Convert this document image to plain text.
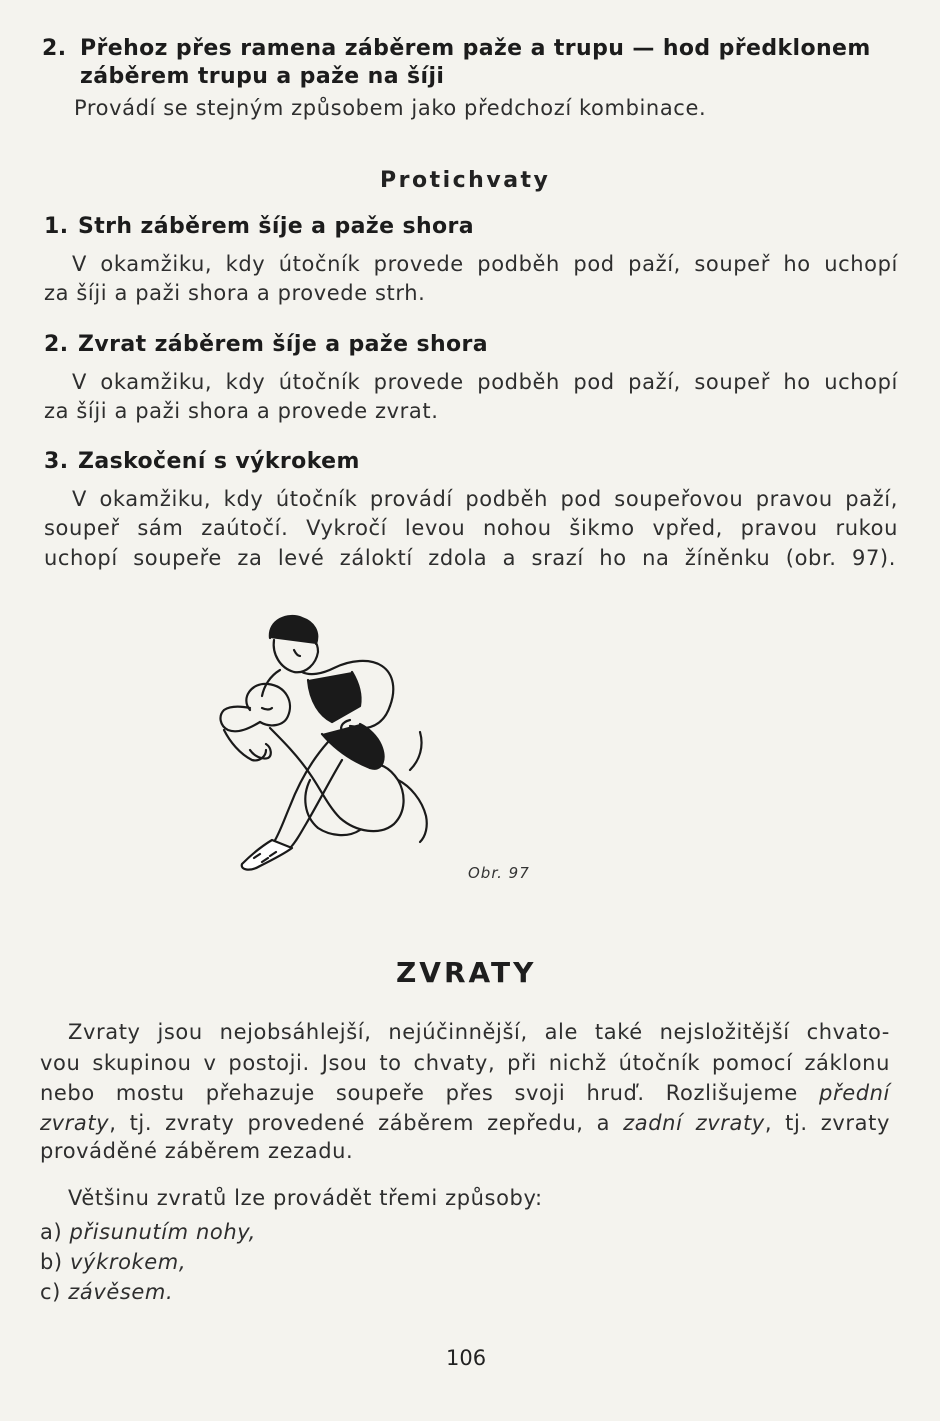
2. Přehoz přes ramena záběrem paže a trupu — hod předklonem
záběrem trupu a paže na šíji
Provádí se stejným způsobem jako předchozí kombinace.
Protichvaty
1. Strh záběrem šíje a paže shora
V okamžiku, kdy útočník provede podběh pod paží, soupeř ho uchopí
za šíji a paži shora a provede strh.
2. Zvrat záběrem šíje a paže shora
V okamžiku, kdy útočník provede podběh pod paží, soupeř ho uchopí
za šíji a paži shora a provede zvrat.
3. Zaskočení s výkrokem
V okamžiku, kdy útočník provádí podběh pod soupeřovou pravou paží,
soupeř sám zaútočí. Vykročí levou nohou šikmo vpřed, pravou rukou
uchopí soupeře za levé záloktí zdola a srazí ho na žíněnku (obr. 97).
Obr. 97
ZVRATY
Zvraty jsou nejobsáhlejší, nejúčinnější, ale také nejsložitější chvato-
vou skupinou v postoji. Jsou to chvaty, při nichž útočník pomocí záklonu
nebo mostu přehazuje soupeře přes svoji hruď. Rozlišujeme přední
zvraty, tj. zvraty provedené záběrem zepředu, a zadní zvraty, tj. zvraty
prováděné záběrem zezadu.
Většinu zvratů lze provádět třemi způsoby:
a) přisunutím nohy,
b) výkrokem,
c) závěsem.
106
